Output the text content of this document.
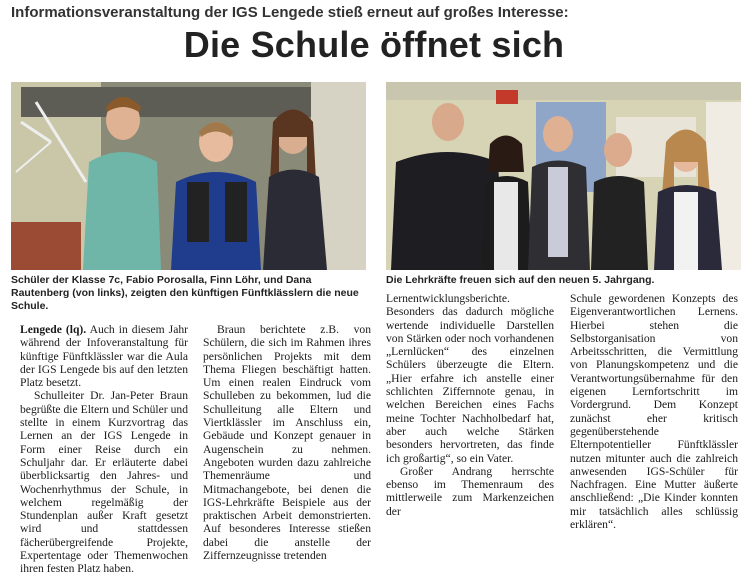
Informationsveranstaltung der IGS Lengede stieß erneut auf großes Interesse:
Die Schule öffnet sich
Schüler der Klasse 7c, Fabio Porosalla, Finn Löhr, und Dana Rautenberg (von links), zeigten den künftigen Fünftklässlern die neue Schule.
Die Lehrkräfte freuen sich auf den neuen 5. Jahrgang.

Lengede (lq). Auch in diesem Jahr während der Infoveranstaltung für künftige Fünftklässler war die Aula der IGS Lengede bis auf den letzten Platz besetzt.

Schulleiter Dr. Jan-Peter Braun begrüßte die Eltern und Schüler und stellte in einem Kurzvortrag das Lernen an der IGS Lengede in Form einer Reise durch ein Schuljahr dar. Er erläuterte dabei überblicksartig den Jahres- und Wochenrhythmus der Schule, in welchem regelmäßig der Stundenplan außer Kraft gesetzt wird und stattdessen fächerübergreifende Projekte, Expertentage oder Themenwochen ihren festen Platz haben.

Braun berichtete z.B. von Schülern, die sich im Rahmen ihres persönlichen Projekts mit dem Thema Fliegen beschäftigt hatten. Um einen realen Eindruck vom Schulleben zu bekommen, lud die Schulleitung alle Eltern und Viertklässler im Anschluss ein, Gebäude und Konzept genauer in Augenschein zu nehmen. Angeboten wurden dazu zahlreiche Themenräume und Mitmachangebote, bei denen die IGS-Lehrkräfte Beispiele aus der praktischen Arbeit demonstrierten. Auf besonderes Interesse stießen dabei die anstelle der Ziffernzeugnisse tretenden

Lernentwicklungsberichte. Besonders das dadurch mögliche wertende individuelle Darstellen von Stärken oder noch vorhandenen „Lernlücken“ des einzelnen Schülers überzeugte die Eltern. „Hier erfahre ich anstelle einer schlichten Ziffernnote genau, in welchen Bereichen eines Fachs meine Tochter Nachholbedarf hat, aber auch welche Stärken besonders hervortreten, das finde ich großartig“, so ein Vater.

Großer Andrang herrschte ebenso im Themenraum des mittlerweile zum Markenzeichen der

Schule gewordenen Konzepts des Eigenverantwortlichen Lernens. Hierbei stehen die Selbstorganisation von Arbeitsschritten, die Vermittlung von Planungskompetenz und die Verantwortungsübernahme für den eigenen Lernfortschritt im Vordergrund. Dem Konzept zunächst eher kritisch gegenüberstehende Elternpotentieller Fünftklässler nutzen mitunter auch die zahlreich anwesenden IGS-Schüler für Nachfragen. Eine Mutter äußerte anschließend: „Die Kinder konnten mir tatsächlich alles schlüssig erklären“.
